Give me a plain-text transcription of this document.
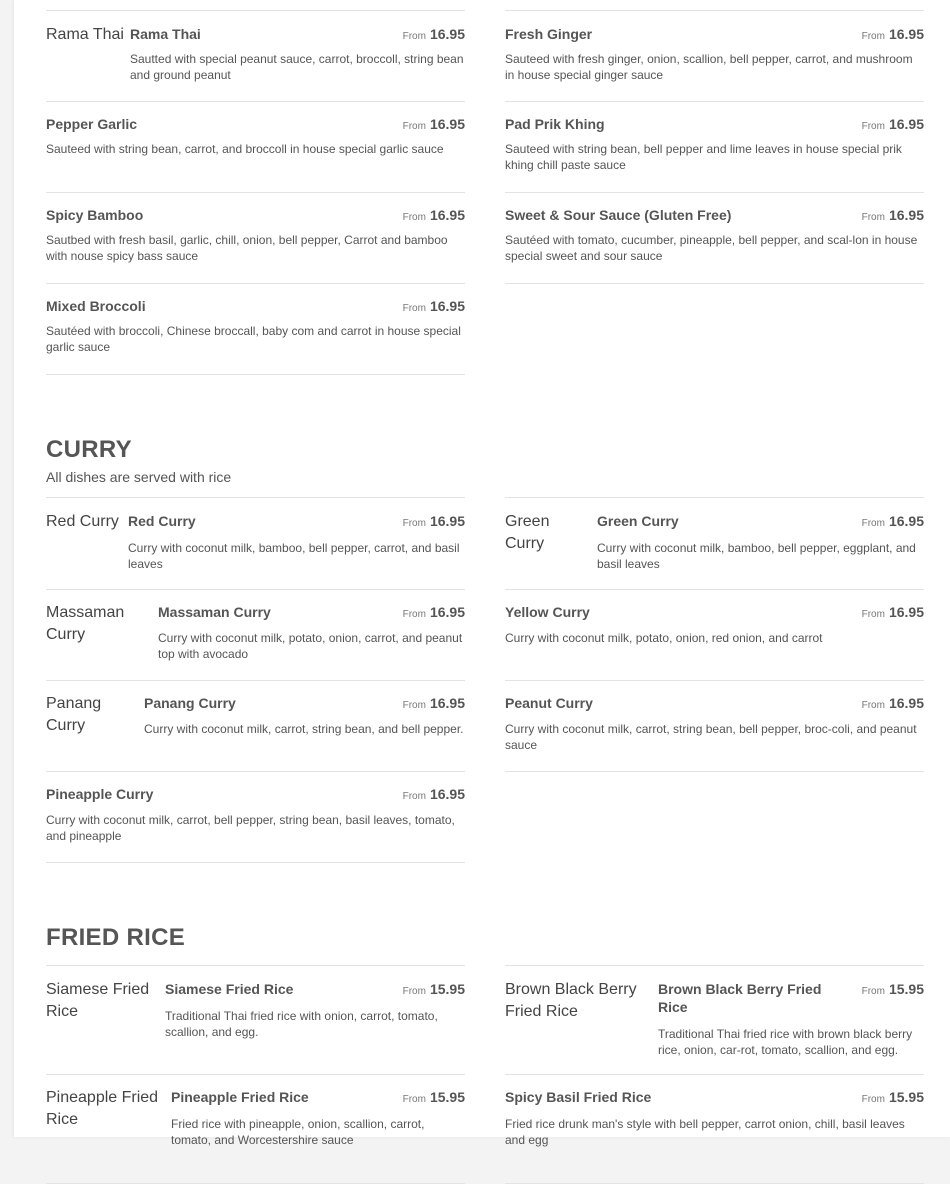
Rama Thai Rama Thai	From 16.95
Sautted with special peanut sauce, carrot, broccoll, string bean and ground peanut
Fresh Ginger	From 16.95
Sauteed with fresh ginger, onion, scallion, bell pepper, carrot, and mushroom in house special ginger sauce
Pepper Garlic	From 16.95
Sauteed with string bean, carrot, and broccoll in house special garlic sauce
Pad Prik Khing	From 16.95
Sauteed with string bean, bell pepper and lime leaves in house special prik khing chill paste sauce
Spicy Bamboo	From 16.95
Sautbed with fresh basil, garlic, chill, onion, bell pepper, Carrot and bamboo with nouse spicy bass sauce
Sweet & Sour Sauce (Gluten Free)	From 16.95
Sautéed with tomato, cucumber, pineapple, bell pepper, and scal-lon in house special sweet and sour sauce
Mixed Broccoli	From 16.95
Sautéed with broccoli, Chinese broccall, baby com and carrot in house special garlic sauce
CURRY
All dishes are served with rice
Red Curry Red Curry	From 16.95
Curry with coconut milk, bamboo, bell pepper, carrot, and basil leaves
Green Curry
Green Curry	From 16.95
Curry with coconut milk, bamboo, bell pepper, eggplant, and basil leaves
Massaman Curry
Massaman Curry	From 16.95
Curry with coconut milk, potato, onion, carrot, and peanut top with avocado
Yellow Curry	From 16.95
Curry with coconut milk, potato, onion, red onion, and carrot
Panang Curry
Panang Curry	From 16.95
Curry with coconut milk, carrot, string bean, and bell pepper.
Peanut Curry	From 16.95
Curry with coconut milk, carrot, string bean, bell pepper, broc-coli, and peanut sauce
Pineapple Curry	From 16.95
Curry with coconut milk, carrot, bell pepper, string bean, basil leaves, tomato, and pineapple
FRIED RICE
Siamese Fried Rice
Siamese Fried Rice	From 15.95
Traditional Thai fried rice with onion, carrot, tomato, scallion, and egg.
Brown Black Berry Fried Rice
Brown Black Berry Fried Rice
From 15.95
Traditional Thai fried rice with brown black berry rice, onion, car-rot, tomato, scallion, and egg.
Pineapple Fried Rice
Pineapple Fried Rice	From 15.95
Fried rice with pineapple, onion, scallion, carrot, tomato, and Worcestershire sauce
Spicy Basil Fried Rice	From 15.95
Fried rice drunk man's style with bell pepper, carrot onion, chill, basil leaves and egg
